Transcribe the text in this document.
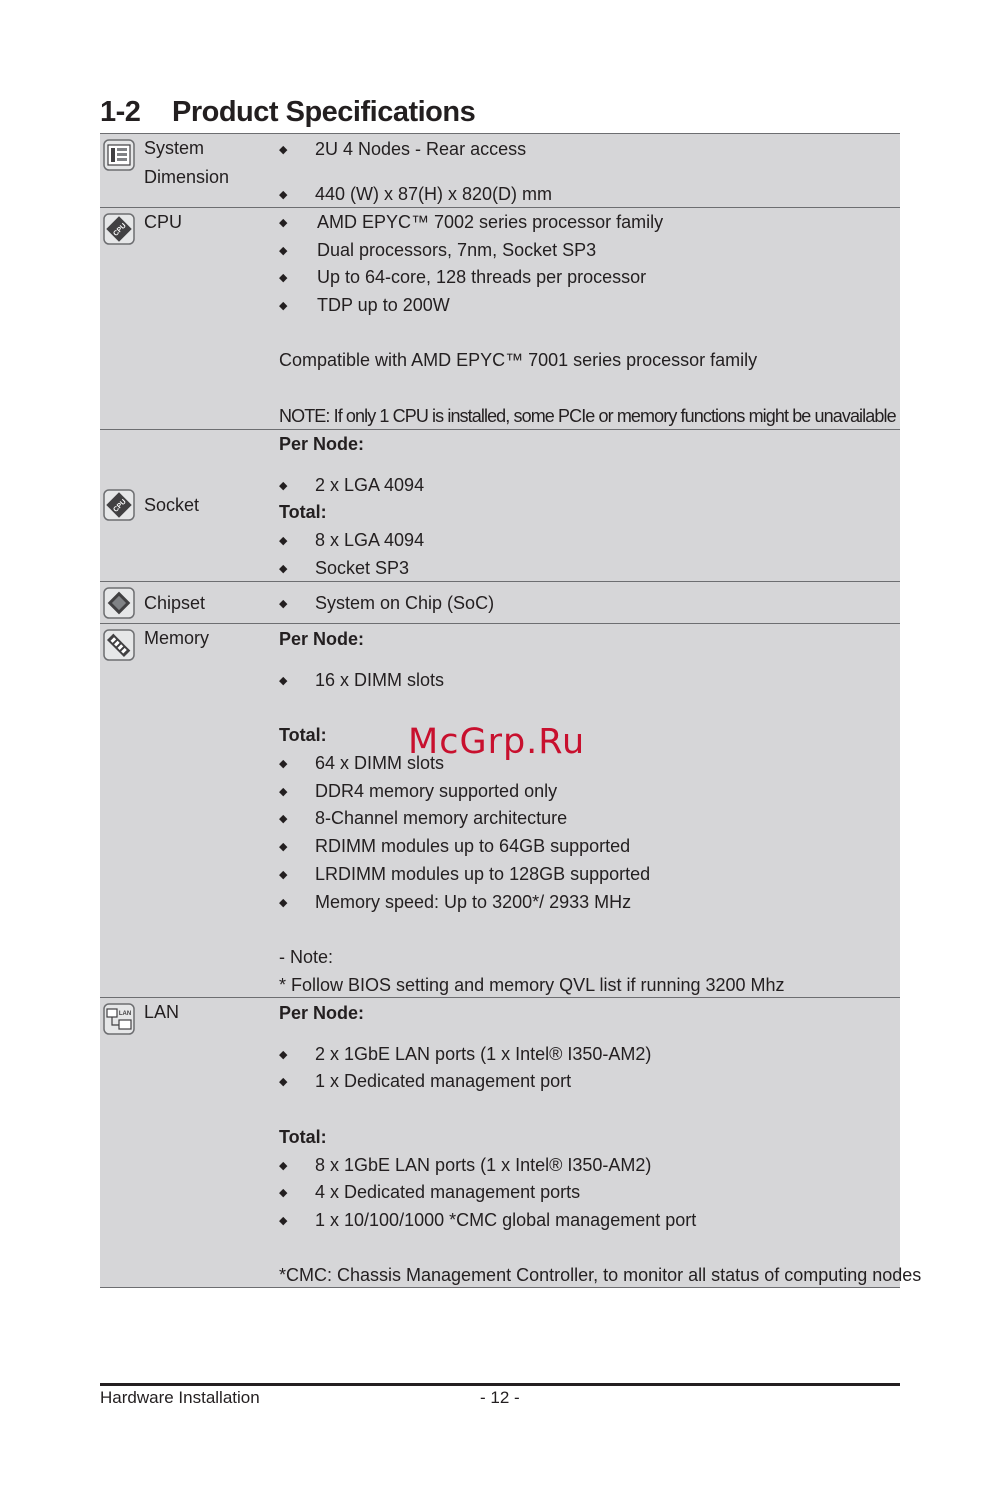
1-2 Product Specifications
System
Dimension
◆ 2U 4 Nodes - Rear access
◆ 440 (W) x 87(H) x 820(D) mm
CPU CPU	◆ AMD EPYC™ 7002 series processor family
◆ Dual processors, 7nm, Socket SP3
◆ Up to 64-core, 128 threads per processor
◆ TDP up to 200W
Compatible with AMD EPYC™ 7001 series processor family
NOTE: If only 1 CPU is installed, some PCIe or memory functions might be unavailable
CPU Socket
Per Node:
◆ 2 x LGA 4094
Total:
◆ 8 x LGA 4094
◆ Socket SP3
Chipset	◆ System on Chip (SoC)
Memory	Per Node:
◆ 16 x DIMM slots
Total:
◆ 64 x DIMM slots
◆ DDR4 memory supported only
◆ 8-Channel memory architecture
◆ RDIMM modules up to 64GB supported
◆ LRDIMM modules up to 128GB supported
◆ Memory speed: Up to 3200*/ 2933 MHz
- Note:
* Follow BIOS setting and memory QVL list if running 3200 Mhz
LAN LAN	Per Node:
◆ 2 x 1GbE LAN ports (1 x Intel® I350-AM2)
◆ 1 x Dedicated management port
Total:
◆ 8 x 1GbE LAN ports (1 x Intel® I350-AM2)
◆ 4 x Dedicated management ports
◆ 1 x 10/100/1000 *CMC global management port
*CMC: Chassis Management Controller, to monitor all status of computing nodes
McGrp.Ru
Hardware Installation	- 12 -
